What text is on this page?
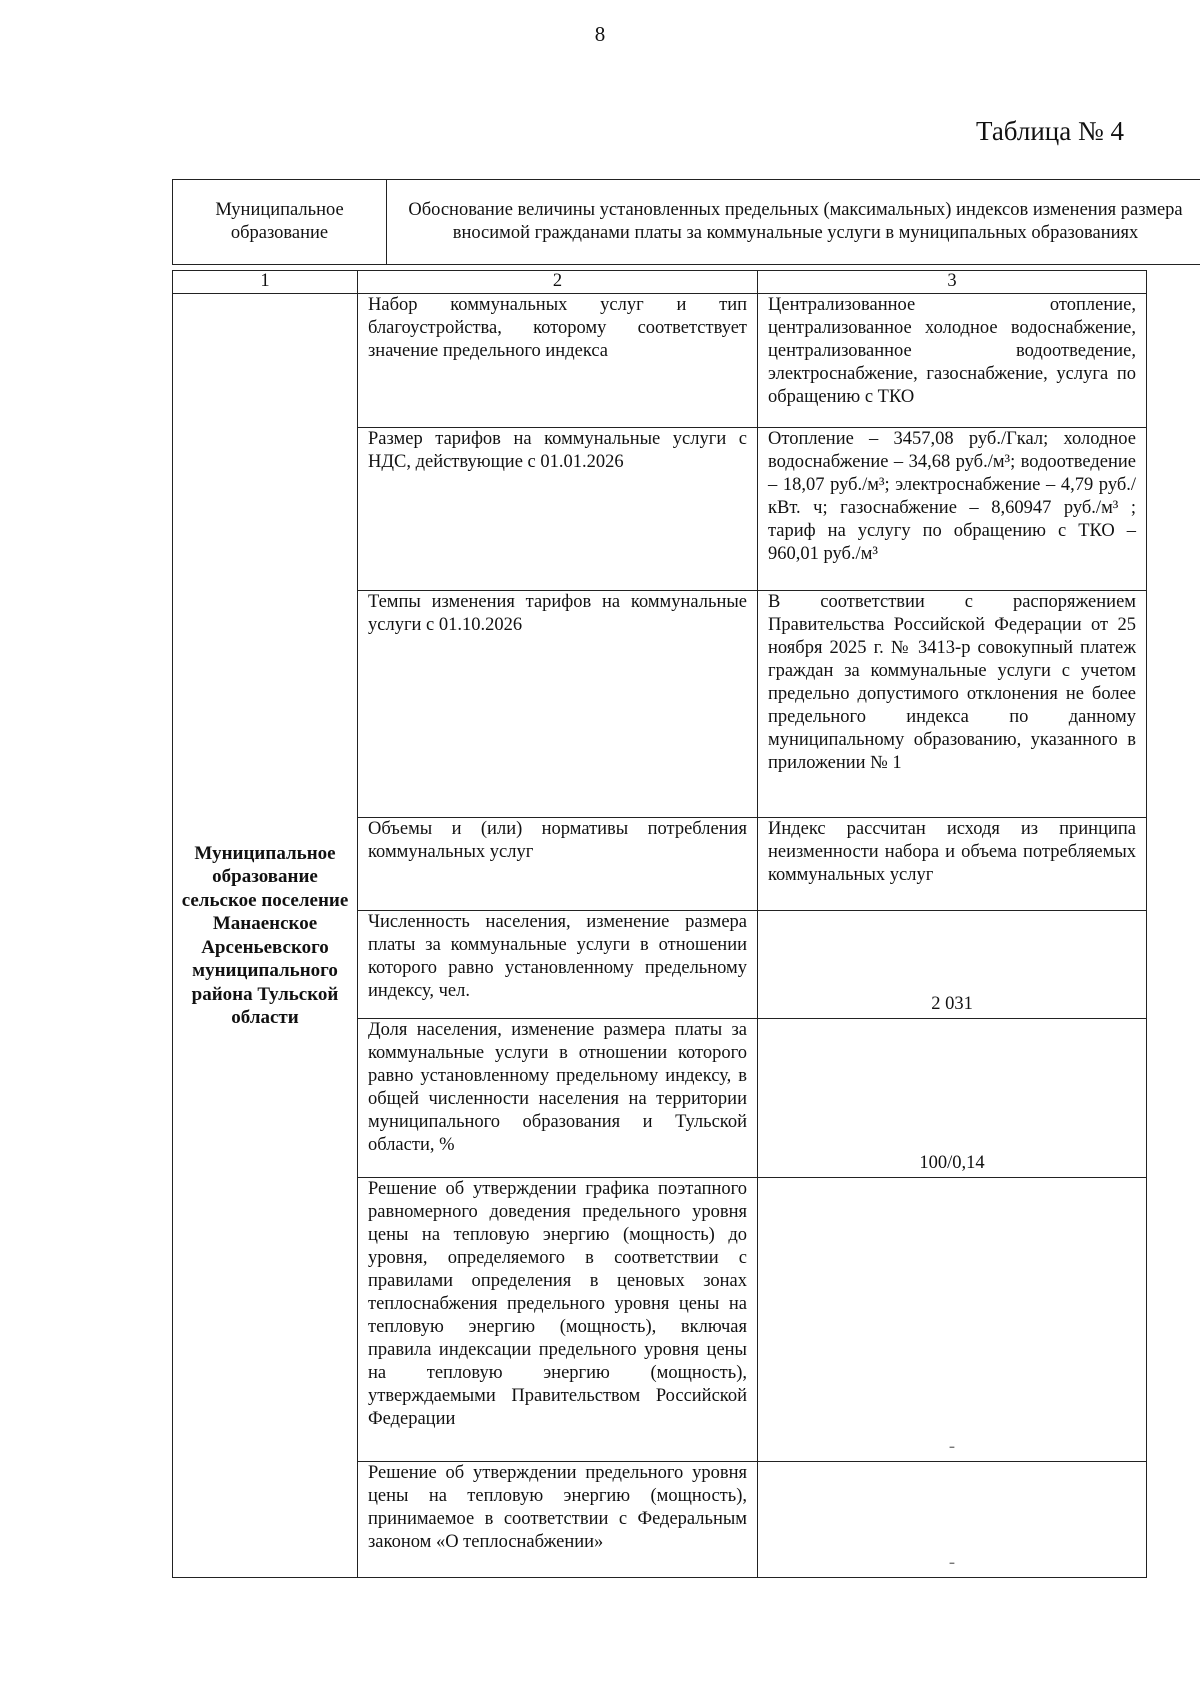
8
Таблица № 4
Муниципальное образование	Обоснование величины установленных предельных (максимальных) индексов изменения размера вносимой гражданами платы за коммунальные услуги в муниципальных образованиях
1	2	3
Муниципальное образование сельское поселение Манаенское Арсеньевского муниципального района Тульской области	Набор коммунальных услуг и тип благоустройства, которому соответствует значение предельного индекса	Централизованное отопление, централизованное холодное водоснабжение, централизованное водоотведение, электроснабжение, газоснабжение, услуга по обращению с ТКО
	Размер тарифов на коммунальные услуги с НДС, действующие с 01.01.2026	Отопление – 3457,08 руб./Гкал; холодное водоснабжение – 34,68 руб./м³; водоотведение – 18,07 руб./м³; электроснабжение – 4,79 руб./кВт. ч; газоснабжение – 8,60947 руб./м³ ; тариф на услугу по обращению с ТКО – 960,01 руб./м³
	Темпы изменения тарифов на коммунальные услуги с 01.10.2026	В соответствии с распоряжением Правительства Российской Федерации от 25 ноября 2025 г. № 3413-р совокупный платеж граждан за коммунальные услуги с учетом предельно допустимого отклонения не более предельного индекса по данному муниципальному образованию, указанного в приложении № 1
	Объемы и (или) нормативы потребления коммунальных услуг	Индекс рассчитан исходя из принципа неизменности набора и объема потребляемых коммунальных услуг
	Численность населения, изменение размера платы за коммунальные услуги в отношении которого равно установленному предельному индексу, чел.	2 031
	Доля населения, изменение размера платы за коммунальные услуги в отношении которого равно установленному предельному индексу, в общей численности населения на территории муниципального образования и Тульской области, %	100/0,14
	Решение об утверждении графика поэтапного равномерного доведения предельного уровня цены на тепловую энергию (мощность) до уровня, определяемого в соответствии с правилами определения в ценовых зонах теплоснабжения предельного уровня цены на тепловую энергию (мощность), включая правила индексации предельного уровня цены на тепловую энергию (мощность), утверждаемыми Правительством Российской Федерации	-
	Решение об утверждении предельного уровня цены на тепловую энергию (мощность), принимаемое в соответствии с Федеральным законом «О теплоснабжении»	-
